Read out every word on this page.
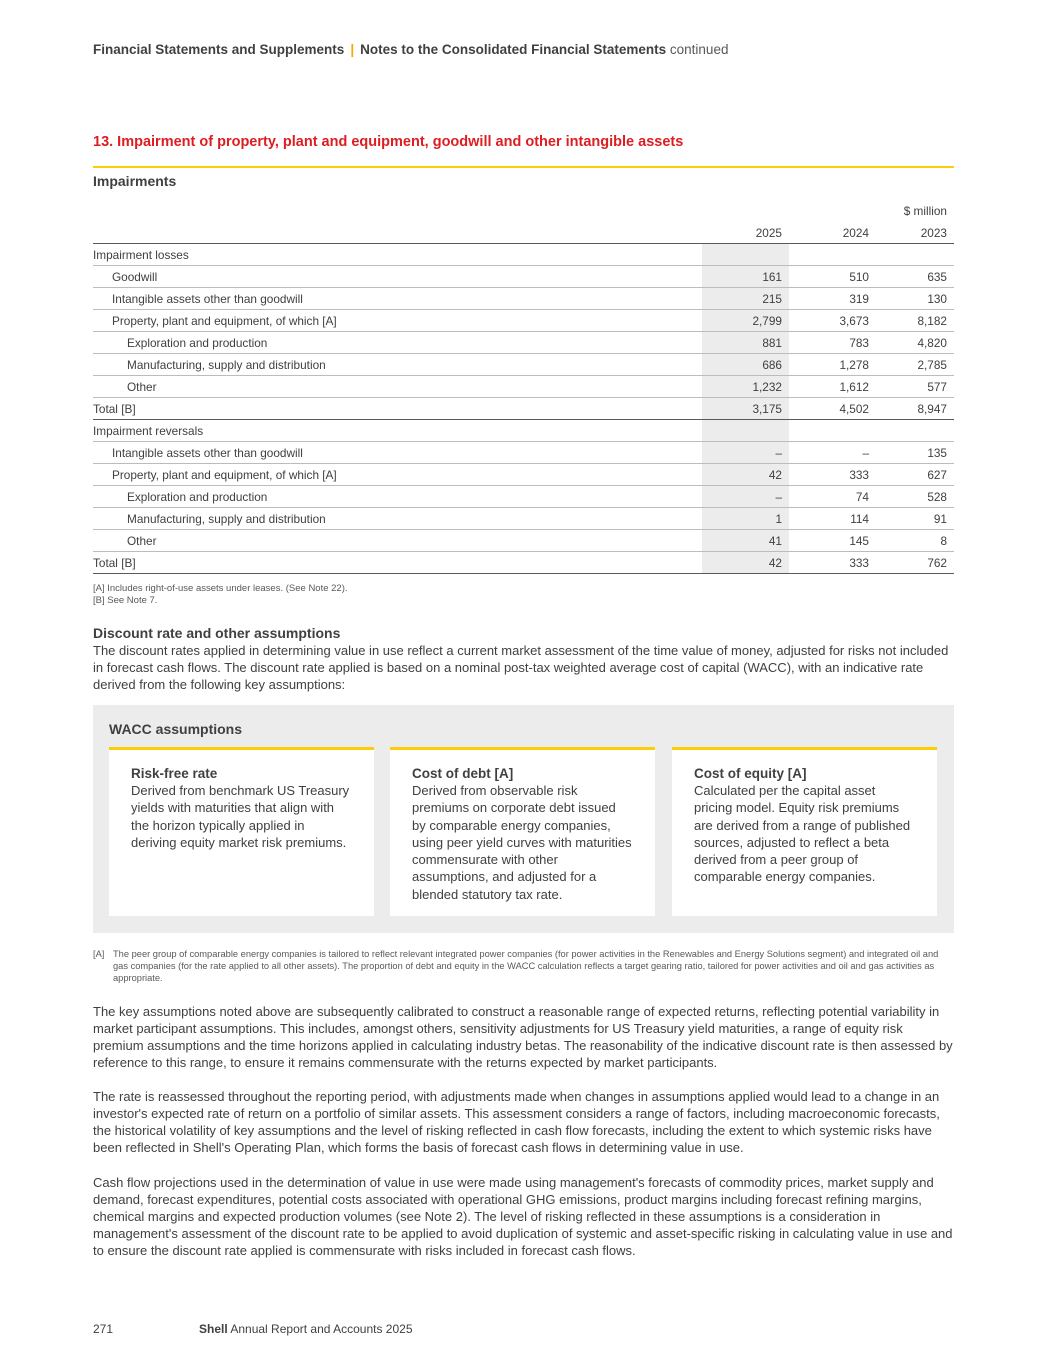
Financial Statements and Supplements | Notes to the Consolidated Financial Statements continued
13. Impairment of property, plant and equipment, goodwill and other intangible assets
Impairments
			$ million
	2025	2024	2023
Impairment losses			
Goodwill	161	510	635
Intangible assets other than goodwill	215	319	130
Property, plant and equipment, of which [A]	2,799	3,673	8,182
Exploration and production	881	783	4,820
Manufacturing, supply and distribution	686	1,278	2,785
Other	1,232	1,612	577
Total [B]	3,175	4,502	8,947
Impairment reversals			
Intangible assets other than goodwill	–	–	135
Property, plant and equipment, of which [A]	42	333	627
Exploration and production	–	74	528
Manufacturing, supply and distribution	1	114	91
Other	41	145	8
Total [B]	42	333	762
[A] Includes right-of-use assets under leases. (See Note 22).
[B] See Note 7.
Discount rate and other assumptions
The discount rates applied in determining value in use reflect a current market assessment of the time value of money, adjusted for risks not included in forecast cash flows. The discount rate applied is based on a nominal post-tax weighted average cost of capital (WACC), with an indicative rate derived from the following key assumptions:
WACC assumptions
Risk-free rate
Derived from benchmark US Treasury yields with maturities that align with the horizon typically applied in deriving equity market risk premiums.
Cost of debt [A]
Derived from observable risk premiums on corporate debt issued by comparable energy companies, using peer yield curves with maturities commensurate with other assumptions, and adjusted for a blended statutory tax rate.
Cost of equity [A]
Calculated per the capital asset pricing model. Equity risk premiums are derived from a range of published sources, adjusted to reflect a beta derived from a peer group of comparable energy companies.
[A] The peer group of comparable energy companies is tailored to reflect relevant integrated power companies (for power activities in the Renewables and Energy Solutions segment) and integrated oil and gas companies (for the rate applied to all other assets). The proportion of debt and equity in the WACC calculation reflects a target gearing ratio, tailored for power activities and oil and gas activities as appropriate.
The key assumptions noted above are subsequently calibrated to construct a reasonable range of expected returns, reflecting potential variability in market participant assumptions. This includes, amongst others, sensitivity adjustments for US Treasury yield maturities, a range of equity risk premium assumptions and the time horizons applied in calculating industry betas. The reasonability of the indicative discount rate is then assessed by reference to this range, to ensure it remains commensurate with the returns expected by market participants.
The rate is reassessed throughout the reporting period, with adjustments made when changes in assumptions applied would lead to a change in an investor's expected rate of return on a portfolio of similar assets. This assessment considers a range of factors, including macroeconomic forecasts, the historical volatility of key assumptions and the level of risking reflected in cash flow forecasts, including the extent to which systemic risks have been reflected in Shell's Operating Plan, which forms the basis of forecast cash flows in determining value in use.
Cash flow projections used in the determination of value in use were made using management's forecasts of commodity prices, market supply and demand, forecast expenditures, potential costs associated with operational GHG emissions, product margins including forecast refining margins, chemical margins and expected production volumes (see Note 2). The level of risking reflected in these assumptions is a consideration in management's assessment of the discount rate to be applied to avoid duplication of systemic and asset-specific risking in calculating value in use and to ensure the discount rate applied is commensurate with risks included in forecast cash flows.
271	Shell Annual Report and Accounts 2025
